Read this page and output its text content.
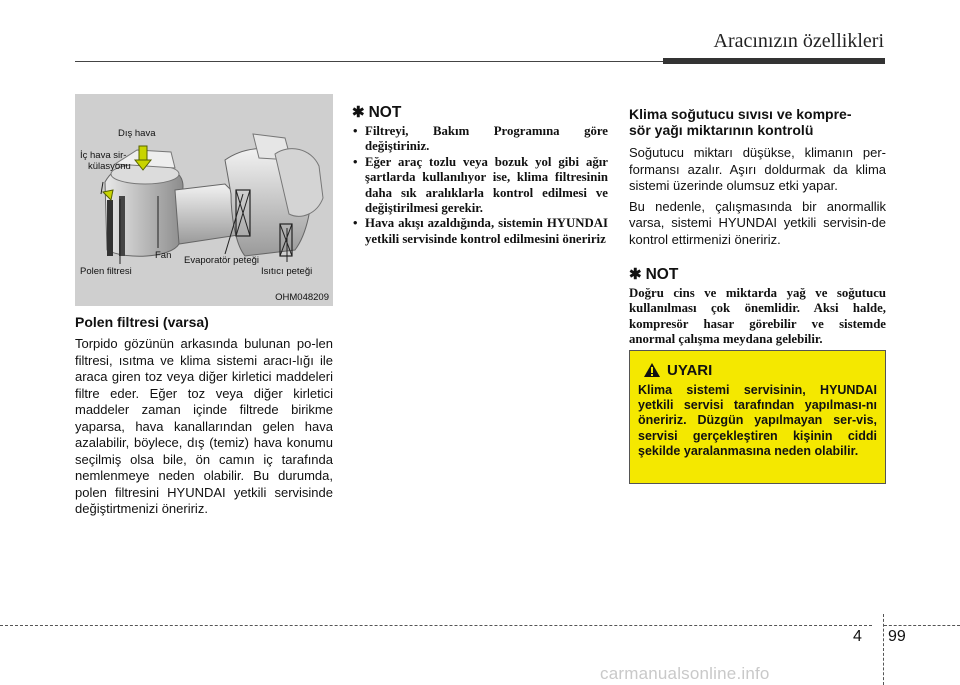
Aracınızın özellikleri
Dış hava
İç hava sir-
külasyonu
Fan Evaporatör peteği
Polen filtresi	Isıtıcı peteği
OHM048209
Polen filtresi (varsa)

Torpido gözünün arkasında bulunan po-len filtresi, ısıtma ve klima sistemi aracı-lığı ile araca giren toz veya diğer kirletici maddeleri filtre eder. Eğer toz veya diğer kirletici maddeler zaman içinde filtrede birikme yaparsa, hava kanallarından gelen hava azalabilir, böylece, dış (temiz) hava konumu seçilmiş olsa bile, ön camın iç tarafında nemlenmeye neden olabilir. Bu durumda, polen filtresini HYUNDAI yetkili servisinde değiştirtmenizi öneririz.

✱ NOT
• Filtreyi, Bakım Programına göre değiştiriniz.
• Eğer araç tozlu veya bozuk yol gibi ağır şartlarda kullanılıyor ise, klima filtresinin daha sık aralıklarla kontrol edilmesi ve değiştirilmesi gerekir.
• Hava akışı azaldığında, sistemin HYUNDAI yetkili servisinde kontrol edilmesini öneririz
Klima soğutucu sıvısı ve kompre-
sör yağı miktarının kontrolü

Soğutucu miktarı düşükse, klimanın per-formansı azalır. Aşırı doldurmak da klima sistemi üzerinde olumsuz etki yapar.

Bu nedenle, çalışmasında bir anormallik varsa, sistemi HYUNDAI yetkili servisin-de kontrol ettirmenizi öneririz.

✱ NOT

Doğru cins ve miktarda yağ ve soğutucu kullanılması çok önemlidir. Aksi halde, kompresör hasar görebilir ve sistemde anormal çalışma meydana gelebilir.

UYARI

Klima sistemi servisinin, HYUNDAI yetkili servisi tarafından yapılması-nı öneririz. Düzgün yapılmayan ser-vis, servisi gerçekleştiren kişinin ciddi şekilde yaralanmasına neden olabilir.

4 99
carmanualsonline.info
